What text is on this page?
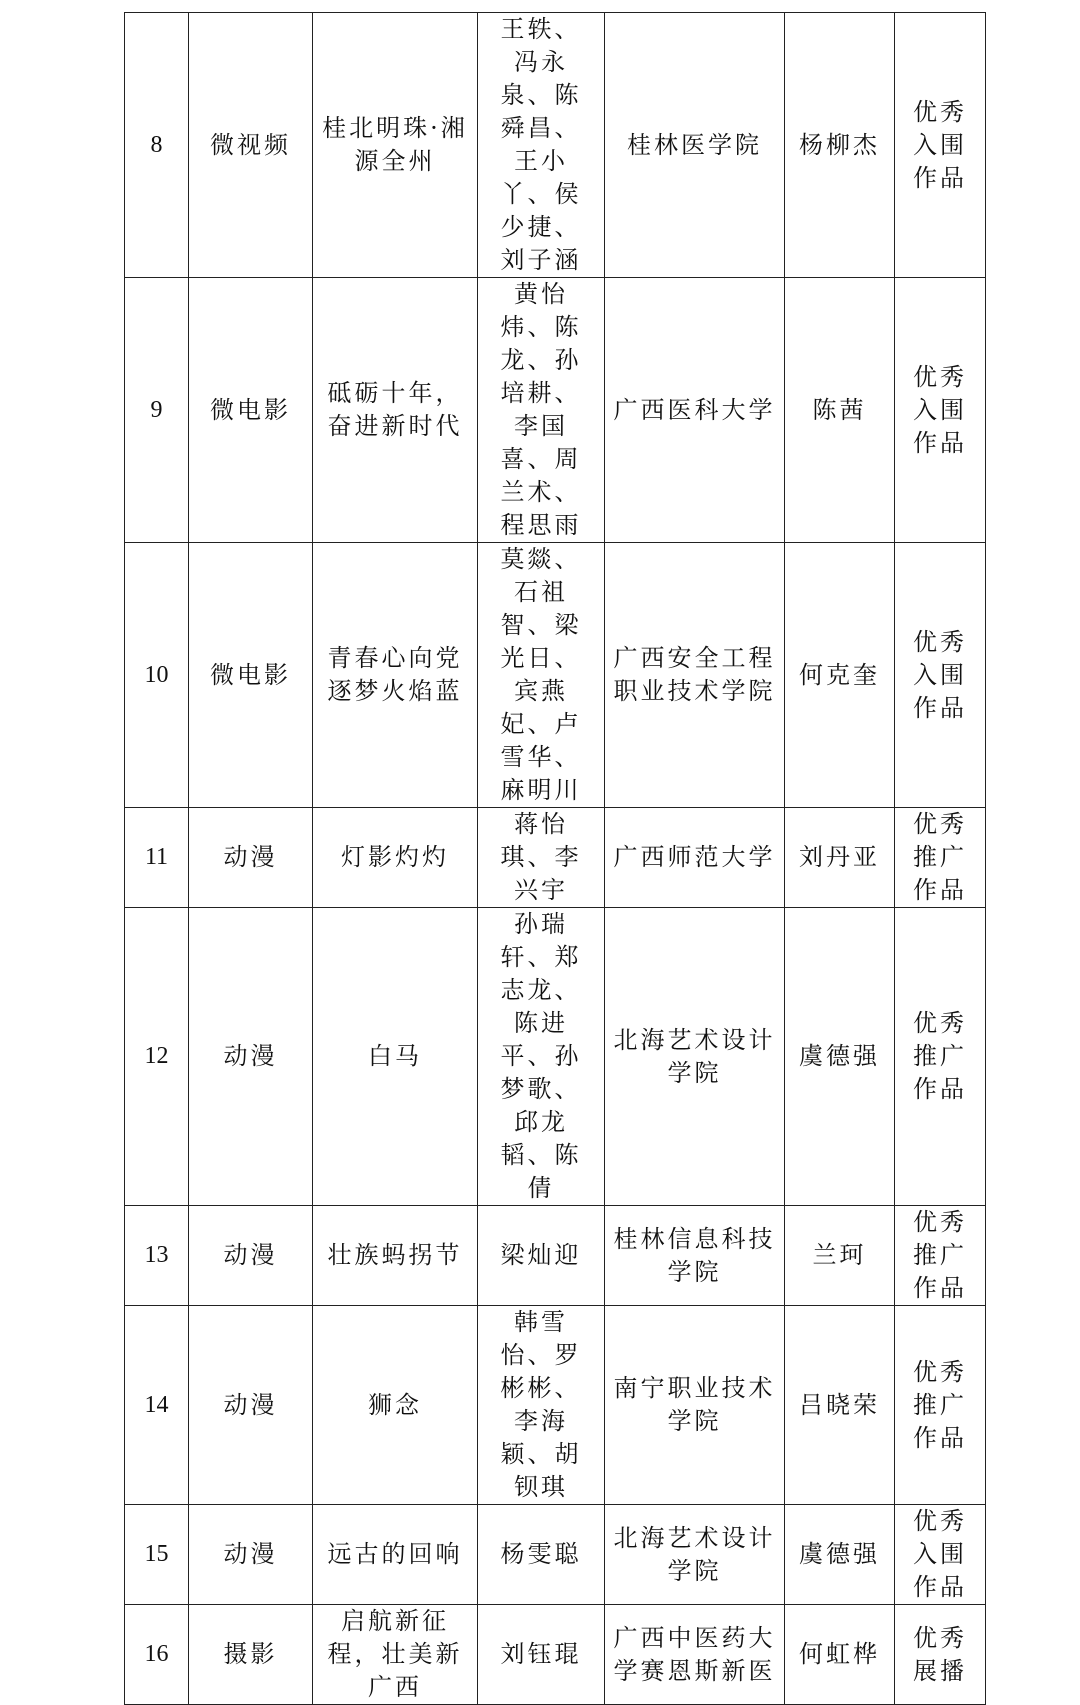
8	微视频	桂北明珠·湘源全州	王轶、冯永泉、陈舜昌、王小丫、侯少捷、刘子涵	桂林医学院	杨柳杰	优秀入围作品
9	微电影	砥砺十年，奋进新时代	黄怡炜、陈龙、孙培耕、李国喜、周兰术、程思雨	广西医科大学	陈茜	优秀入围作品
10	微电影	青春心向党逐梦火焰蓝	莫燚、石祖智、梁光日、宾燕妃、卢雪华、麻明川	广西安全工程职业技术学院	何克奎	优秀入围作品
11	动漫	灯影灼灼	蒋怡琪、李兴宇	广西师范大学	刘丹亚	优秀推广作品
12	动漫	白马	孙瑞轩、郑志龙、陈进平、孙梦歌、邱龙韬、陈倩	北海艺术设计学院	虞德强	优秀推广作品
13	动漫	壮族蚂拐节	梁灿迎	桂林信息科技学院	兰珂	优秀推广作品
14	动漫	狮念	韩雪怡、罗彬彬、李海颖、胡钡琪	南宁职业技术学院	吕晓荣	优秀推广作品
15	动漫	远古的回响	杨雯聪	北海艺术设计学院	虞德强	优秀入围作品
16	摄影	启航新征程，壮美新广西	刘钰琨	广西中医药大学赛恩斯新医	何虹桦	优秀展播
